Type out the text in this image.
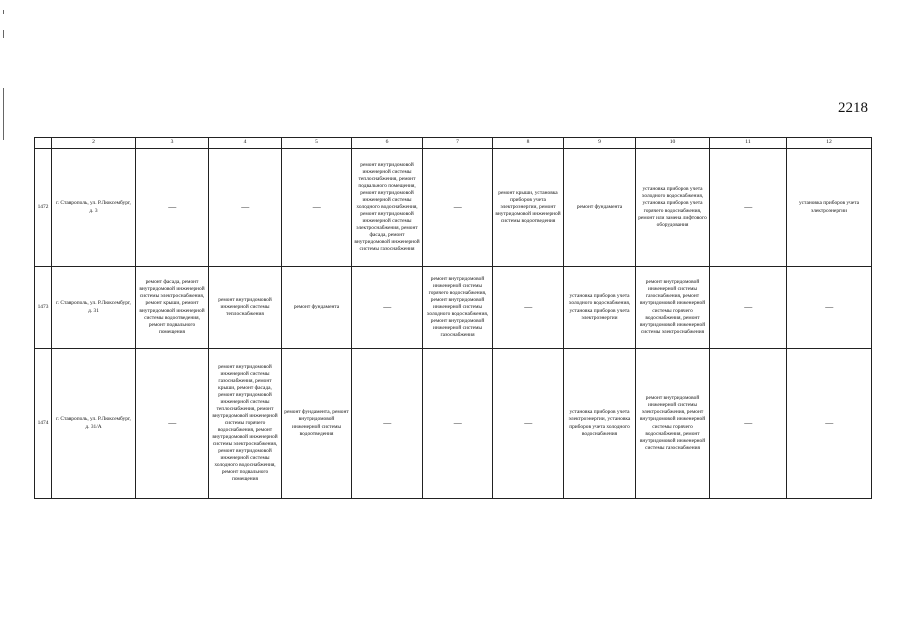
2218
	2	3	4	5	6	7	8	9	10	11	12
1472	г. Ставрополь, ул. Р.Люксембург, д. 3	—	—	—	ремонт внутридомовой инженерной системы теплоснабжения, ремонт подвального помещения, ремонт внутридомовой инженерной системы холодного водоснабжения, ремонт внутридомовой инженерной системы электроснабжения, ремонт фасада, ремонт внутридомовой инженерной системы газоснабжения	—	ремонт крыши, установка приборов учета электроэнергии, ремонт внутридомовой инженерной системы водоотведения	ремонт фундамента	установка приборов учета холодного водоснабжения, установка приборов учета горячего водоснабжения, ремонт или замена лифтового оборудования	—	установка приборов учета электроэнергии
1473	г. Ставрополь, ул. Р.Люксембург, д. 31	ремонт фасада, ремонт внутридомовой инженерной системы электроснабжения, ремонт крыши, ремонт внутридомовой инженерной системы водоотведения, ремонт подвального помещения	ремонт внутридомовой инженерной системы теплоснабжения	ремонт фундамента	—	ремонт внутридомовой инженерной системы горячего водоснабжения, ремонт внутридомовой инженерной системы холодного водоснабжения, ремонт внутридомовой инженерной системы газоснабжения	—	установка приборов учета холодного водоснабжения, установка приборов учета электроэнергии	ремонт внутридомовой инженерной системы газоснабжения, ремонт внутридомовой инженерной системы горячего водоснабжения, ремонт внутридомовой инженерной системы электроснабжения	—	—
1474	г. Ставрополь, ул. Р.Люксембург, д. 31/А	—	ремонт внутридомовой инженерной системы газоснабжения, ремонт крыши, ремонт фасада, ремонт внутридомовой инженерной системы теплоснабжения, ремонт внутридомовой инженерной системы горячего водоснабжения, ремонт внутридомовой инженерной системы электроснабжения, ремонт внутридомовой инженерной системы холодного водоснабжения, ремонт подвального помещения	ремонт фундамента, ремонт внутридомовой инженерной системы водоотведения	—	—	—	установка приборов учета электроэнергии, установка приборов учета холодного водоснабжения	ремонт внутридомовой инженерной системы электроснабжения, ремонт внутридомовой инженерной системы горячего водоснабжения, ремонт внутридомовой инженерной системы газоснабжения	—	—
